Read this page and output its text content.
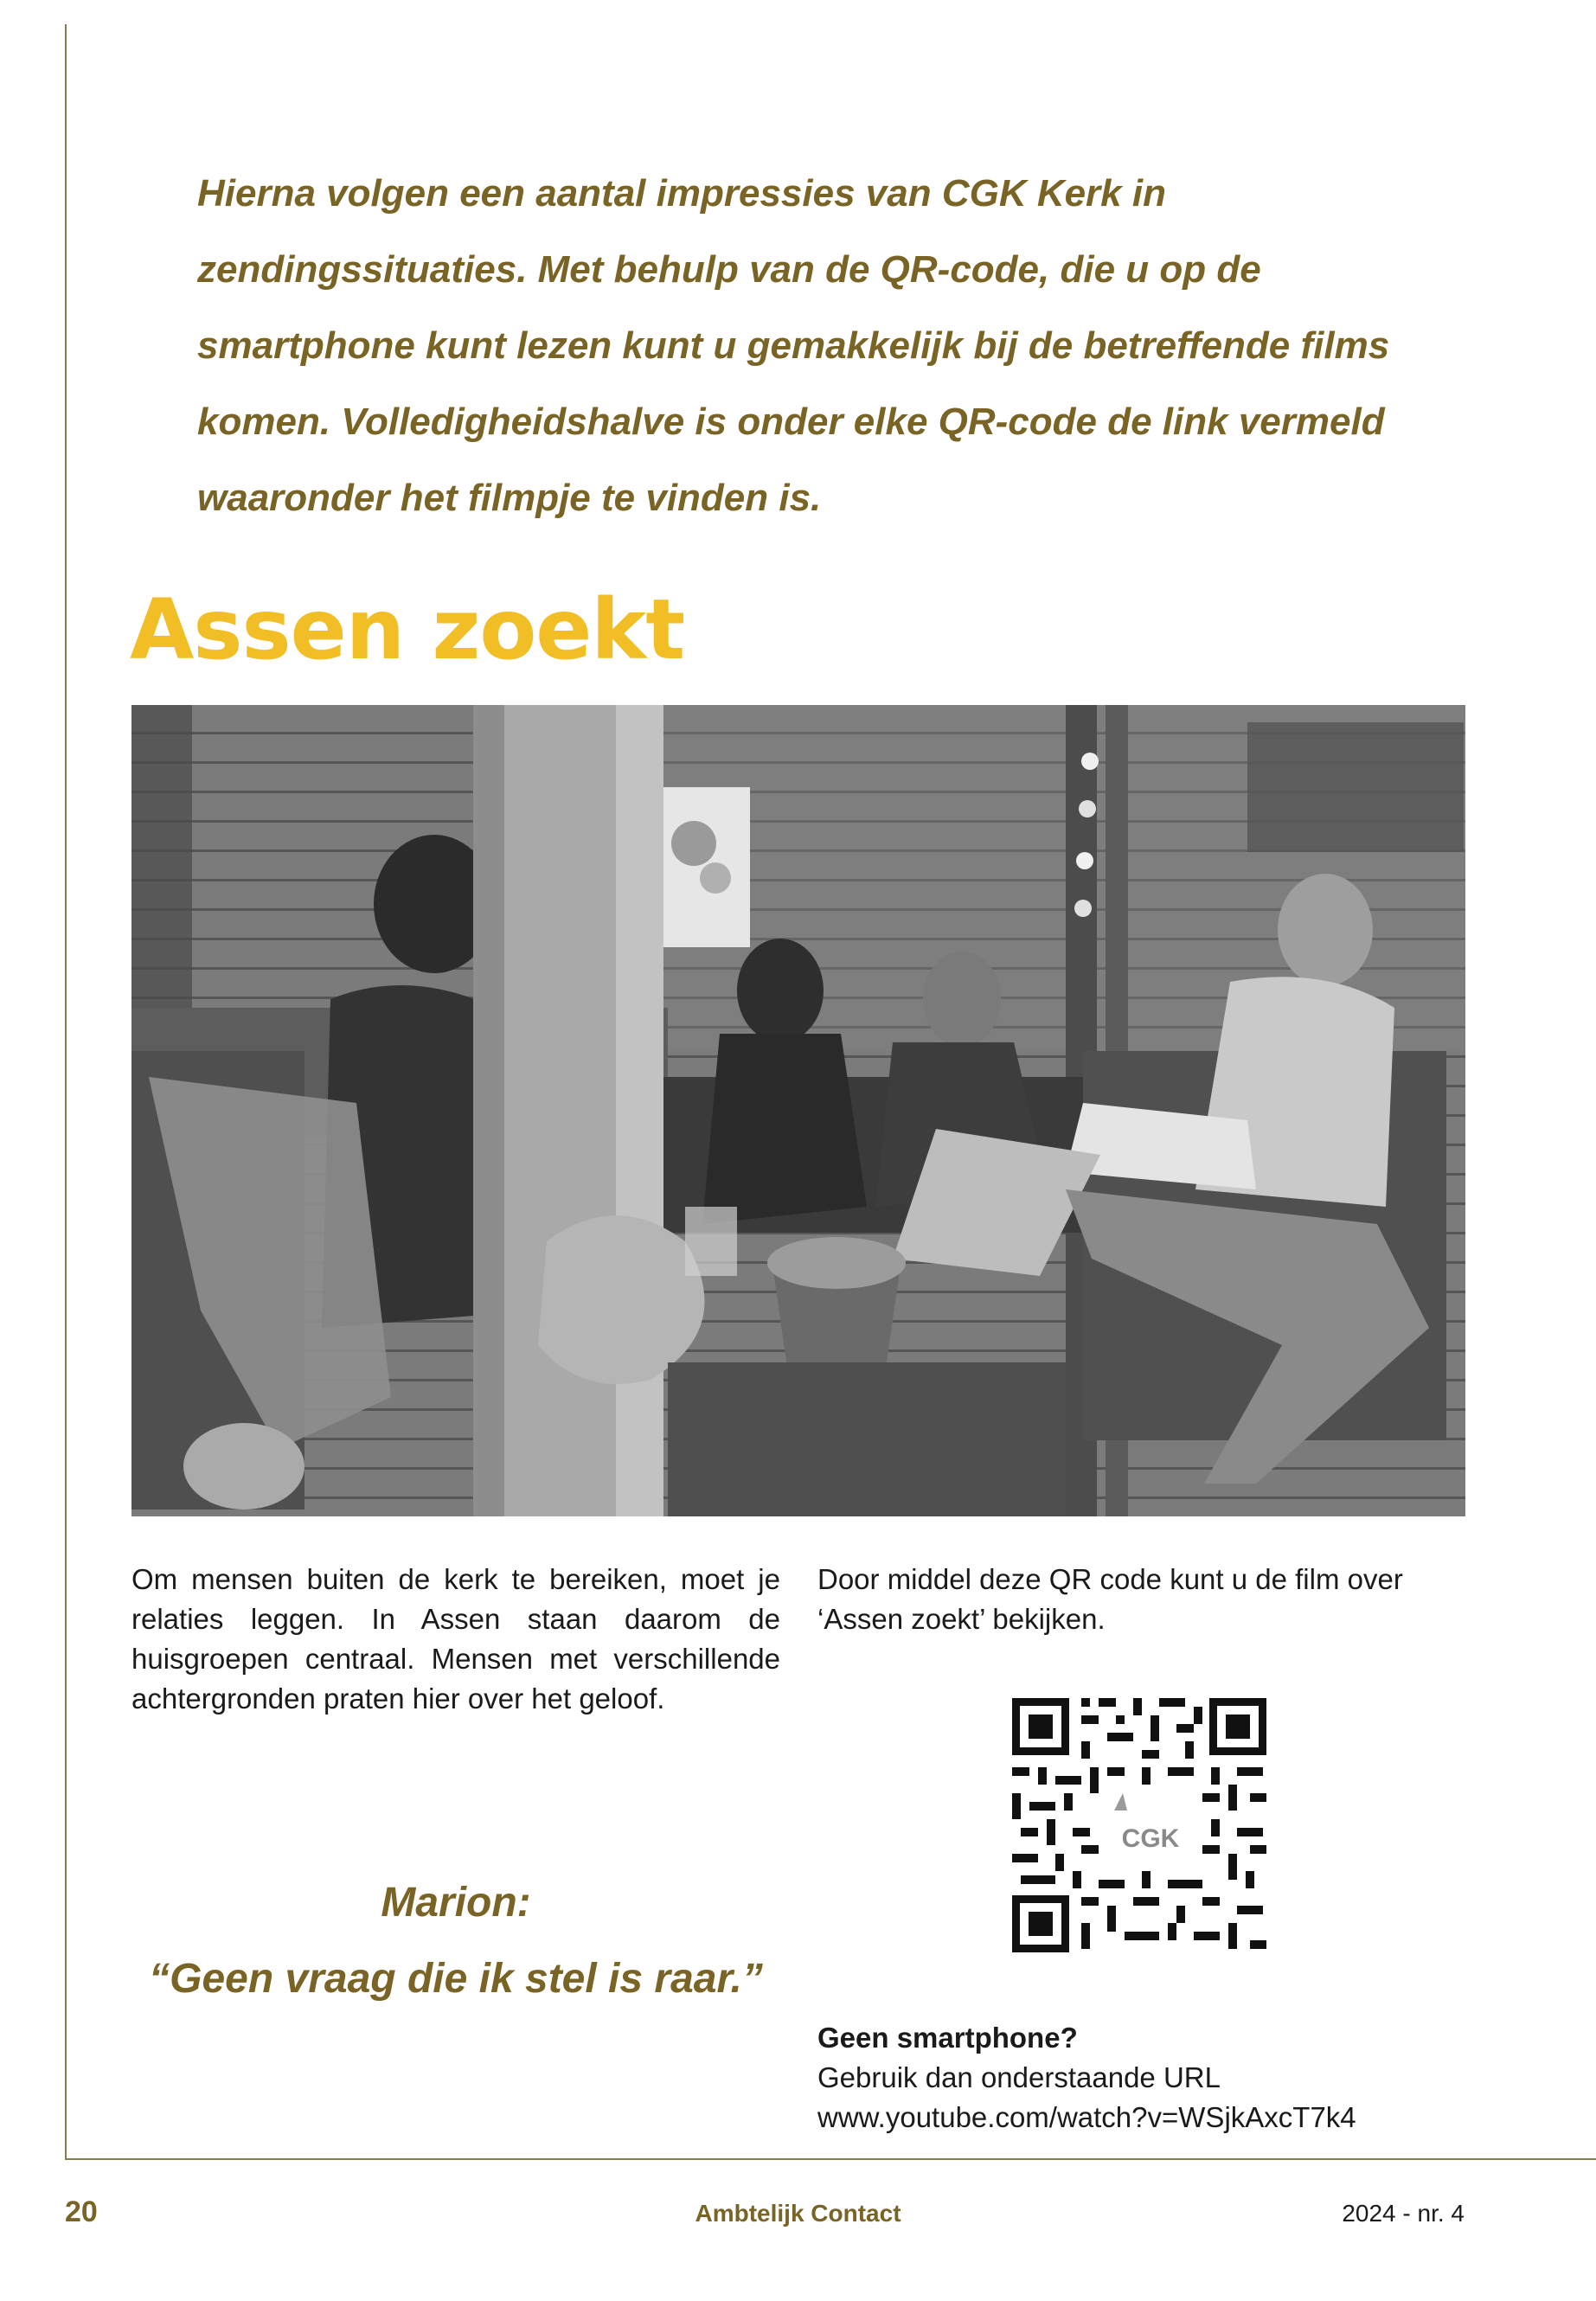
Hierna volgen een aantal impressies van CGK Kerk in zendingssituaties. Met behulp van de QR-code, die u op de smartphone kunt lezen kunt u gemakkelijk bij de betreffende films komen. Volledigheidshalve is onder elke QR-code de link vermeld waaronder het filmpje te vinden is.

Assen zoekt

Om mensen buiten de kerk te bereiken, moet je relaties leggen. In Assen staan daarom de huisgroepen centraal. Mensen met verschillende achtergronden praten hier over het geloof.

Door middel deze QR code kunt u de film over ‘Assen zoekt’ bekijken.

Marion:

“Geen vraag die ik stel is raar.”

CGK
Geen smartphone?
Gebruik dan onderstaande URL
www.youtube.com/watch?v=WSjkAxcT7k4
20	Ambtelijk Contact	2024 - nr. 4
